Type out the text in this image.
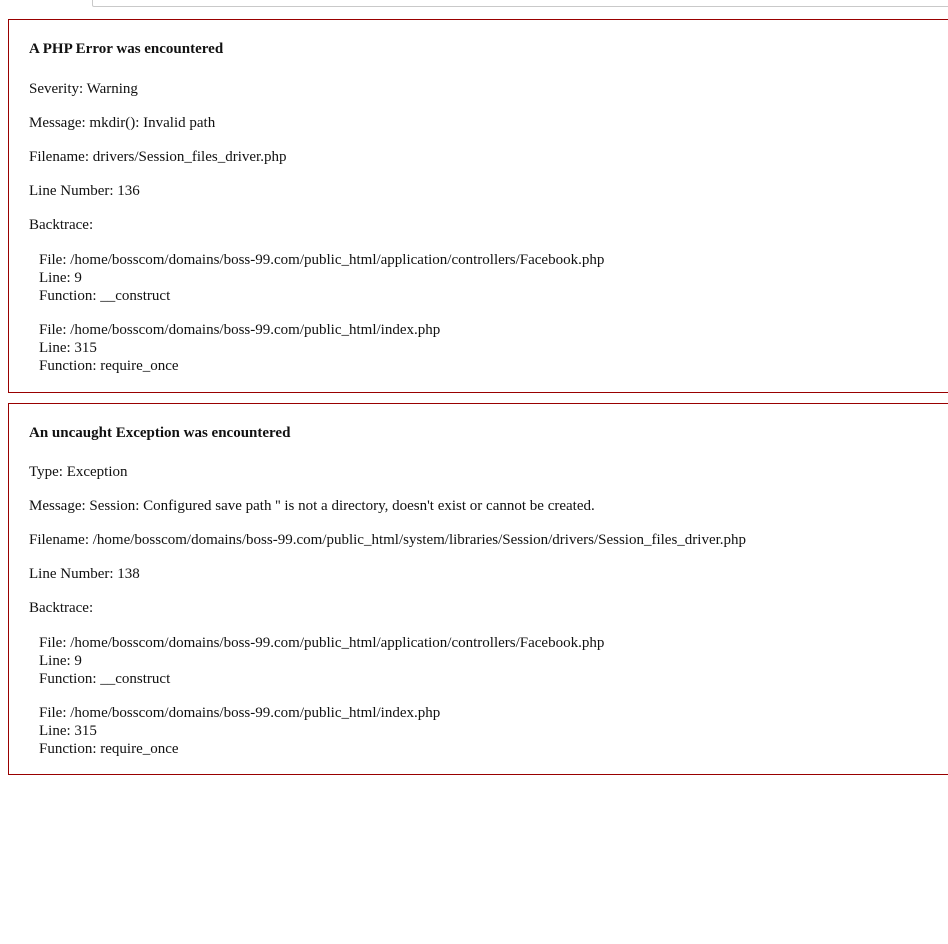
A PHP Error was encountered
Severity: Warning
Message: mkdir(): Invalid path
Filename: drivers/Session_files_driver.php
Line Number: 136
Backtrace:
File: /home/bosscom/domains/boss-99.com/public_html/application/controllers/Facebook.php
Line: 9
Function: __construct
File: /home/bosscom/domains/boss-99.com/public_html/index.php
Line: 315
Function: require_once
An uncaught Exception was encountered
Type: Exception
Message: Session: Configured save path '' is not a directory, doesn't exist or cannot be created.
Filename: /home/bosscom/domains/boss-99.com/public_html/system/libraries/Session/drivers/Session_files_driver.php
Line Number: 138
Backtrace:
File: /home/bosscom/domains/boss-99.com/public_html/application/controllers/Facebook.php
Line: 9
Function: __construct
File: /home/bosscom/domains/boss-99.com/public_html/index.php
Line: 315
Function: require_once
